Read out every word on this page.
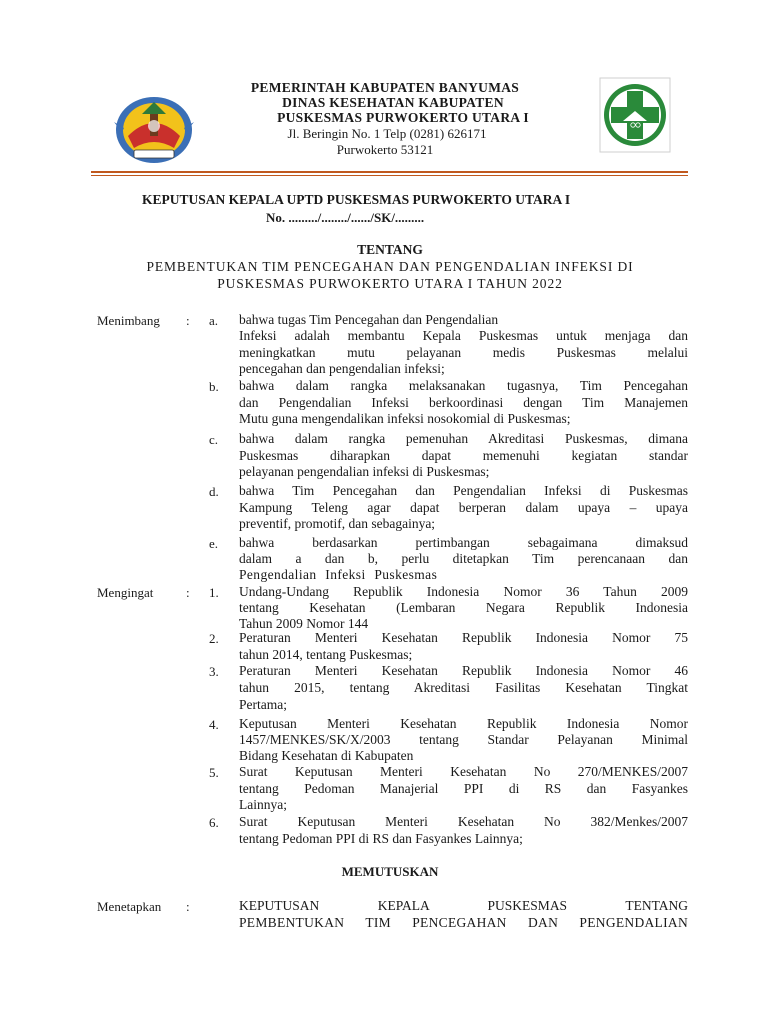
PEMERINTAH KABUPATEN BANYUMAS
DINAS KESEHATAN KABUPATEN
PUSKESMAS PURWOKERTO UTARA I
Jl. Beringin No. 1 Telp (0281) 626171
Purwokerto 53121
KEPUTUSAN KEPALA UPTD PUSKESMAS PURWOKERTO UTARA I
No. ........./......../....../SK/.........
TENTANG
PEMBENTUKAN TIM PENCEGAHAN DAN PENGENDALIAN INFEKSI DI
PUSKESMAS PURWOKERTO UTARA I TAHUN 2022
Menimbang : a. bahwa tugas Tim Pencegahan dan Pengendalian
Infeksi adalah membantu Kepala Puskesmas untuk menjaga dan
meningkatkan mutu pelayanan medis Puskesmas melalui
pencegahan dan pengendalian infeksi;
b. bahwa dalam rangka melaksanakan tugasnya, Tim Pencegahan
dan Pengendalian Infeksi berkoordinasi dengan Tim Manajemen
Mutu guna mengendalikan infeksi nosokomial di Puskesmas;
c. bahwa dalam rangka pemenuhan Akreditasi Puskesmas, dimana
Puskesmas diharapkan dapat memenuhi kegiatan standar
pelayanan pengendalian infeksi di Puskesmas;
d. bahwa Tim Pencegahan dan Pengendalian Infeksi di Puskesmas
Kampung Teleng agar dapat berperan dalam upaya – upaya
preventif, promotif, dan sebagainya;
e. bahwa berdasarkan pertimbangan sebagaimana dimaksud
dalam a dan b, perlu ditetapkan Tim perencanaan dan
Pengendalian Infeksi Puskesmas
Mengingat	: 1. Undang-Undang Republik Indonesia Nomor 36 Tahun 2009
tentang Kesehatan (Lembaran Negara Republik Indonesia
Tahun 2009 Nomor 144
2. Peraturan Menteri Kesehatan Republik Indonesia Nomor 75
tahun 2014, tentang Puskesmas;
3. Peraturan Menteri Kesehatan Republik Indonesia Nomor 46
tahun 2015, tentang Akreditasi Fasilitas Kesehatan Tingkat
Pertama;
4. Keputusan Menteri Kesehatan Republik Indonesia Nomor
1457/MENKES/SK/X/2003 tentang Standar Pelayanan Minimal
Bidang Kesehatan di Kabupaten
5. Surat Keputusan Menteri Kesehatan No 270/MENKES/2007
tentang Pedoman Manajerial PPI di RS dan Fasyankes
Lainnya;
6. Surat Keputusan Menteri Kesehatan No 382/Menkes/2007
tentang Pedoman PPI di RS dan Fasyankes Lainnya;
MEMUTUSKAN
Menetapkan :	KEPUTUSAN KEPALA PUSKESMAS TENTANG
PEMBENTUKAN TIM PENCEGAHAN DAN PENGENDALIAN
